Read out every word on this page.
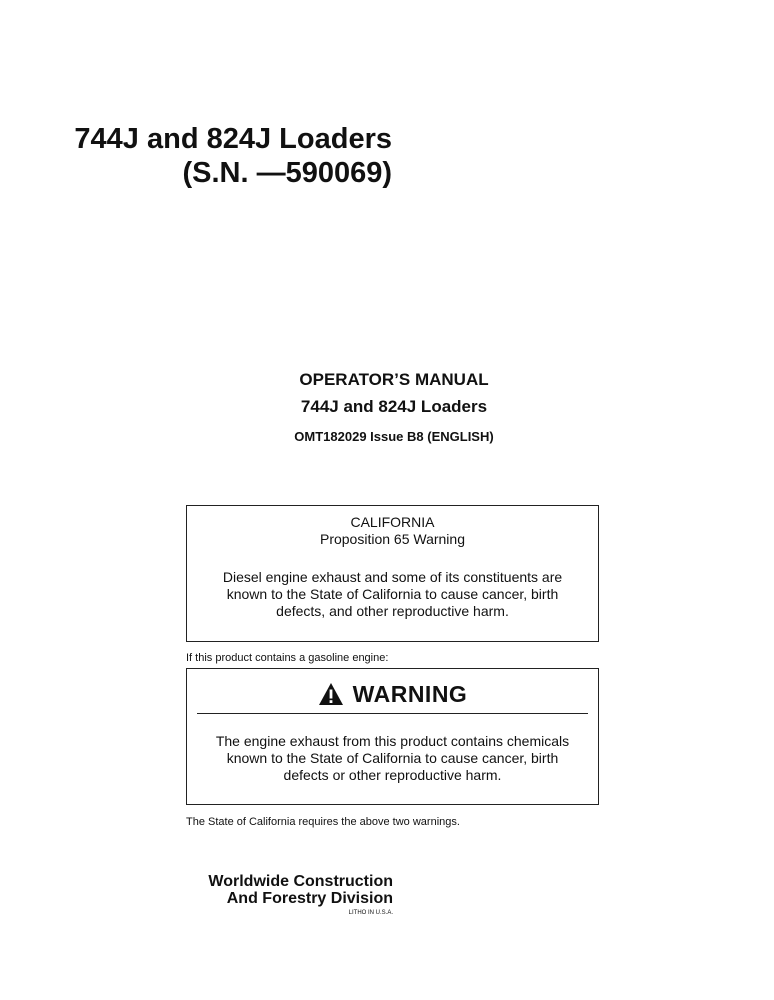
744J and 824J Loaders
(S.N. —590069)
OPERATOR’S MANUAL
744J and 824J Loaders
OMT182029 Issue B8 (ENGLISH)
CALIFORNIA
Proposition 65 Warning
Diesel engine exhaust and some of its constituents are
known to the State of California to cause cancer, birth
defects, and other reproductive harm.
If this product contains a gasoline engine:
WARNING
The engine exhaust from this product contains chemicals
known to the State of California to cause cancer, birth
defects or other reproductive harm.
The State of California requires the above two warnings.
Worldwide Construction
And Forestry Division
LITHO IN U.S.A.
